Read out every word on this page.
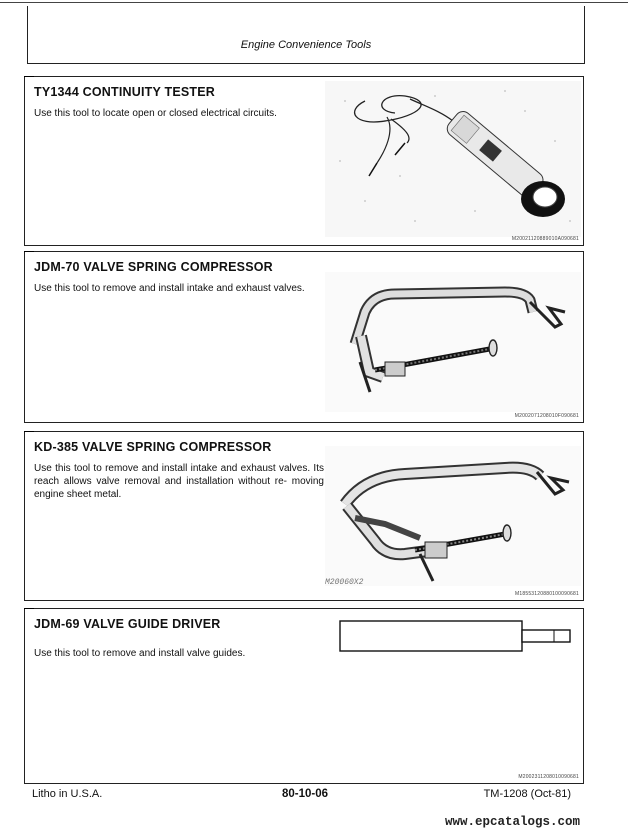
Engine Convenience Tools
TY1344 CONTINUITY TESTER
Use this tool to locate open or closed electrical circuits.
M20021120889010A090681
JDM-70 VALVE SPRING COMPRESSOR
Use this tool to remove and install intake and exhaust valves.
M2002071208010F090681
KD-385 VALVE SPRING COMPRESSOR
Use this tool to remove and install intake and exhaust valves. Its reach allows valve removal and installation without re- moving engine sheet metal.
M20060X2
M18553120880100090681
JDM-69 VALVE GUIDE DRIVER
Use this tool to remove and install valve guides.
M2002311208010090681
Litho in U.S.A.	80-10-06	TM-1208 (Oct-81)
www.epcatalogs.com
